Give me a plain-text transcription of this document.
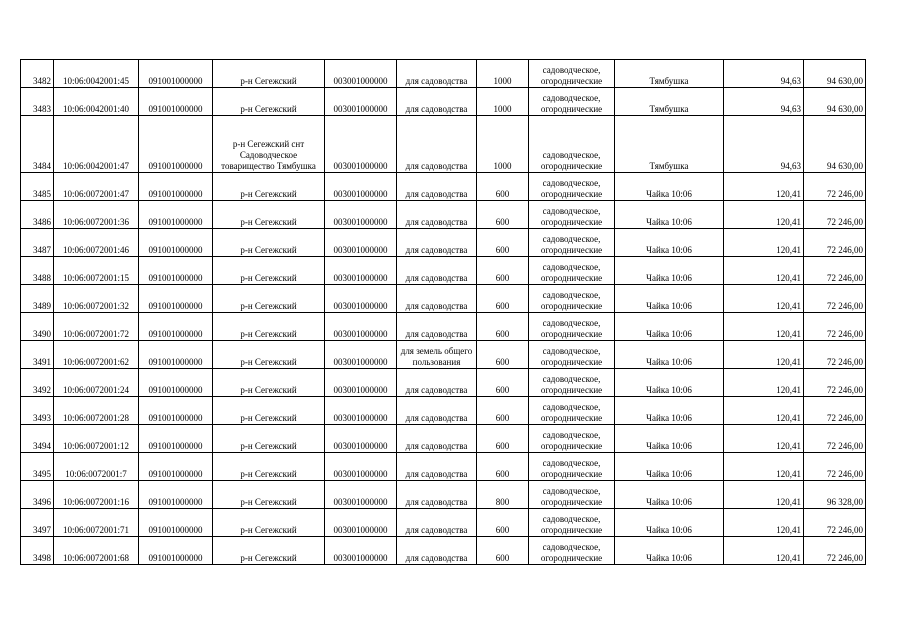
3482	10:06:0042001:45	091001000000	р-н Сегежский	003001000000	для садоводства	1000	садоводческое, огороднические	Тямбушка	94,63	94 630,00
3483	10:06:0042001:40	091001000000	р-н Сегежский	003001000000	для садоводства	1000	садоводческое, огороднические	Тямбушка	94,63	94 630,00
3484	10:06:0042001:47	091001000000	р-н Сегежский снт Садоводческое товарищество Тямбушка	003001000000	для садоводства	1000	садоводческое, огороднические	Тямбушка	94,63	94 630,00
3485	10:06:0072001:47	091001000000	р-н Сегежский	003001000000	для садоводства	600	садоводческое, огороднические	Чайка 10:06	120,41	72 246,00
3486	10:06:0072001:36	091001000000	р-н Сегежский	003001000000	для садоводства	600	садоводческое, огороднические	Чайка 10:06	120,41	72 246,00
3487	10:06:0072001:46	091001000000	р-н Сегежский	003001000000	для садоводства	600	садоводческое, огороднические	Чайка 10:06	120,41	72 246,00
3488	10:06:0072001:15	091001000000	р-н Сегежский	003001000000	для садоводства	600	садоводческое, огороднические	Чайка 10:06	120,41	72 246,00
3489	10:06:0072001:32	091001000000	р-н Сегежский	003001000000	для садоводства	600	садоводческое, огороднические	Чайка 10:06	120,41	72 246,00
3490	10:06:0072001:72	091001000000	р-н Сегежский	003001000000	для садоводства	600	садоводческое, огороднические	Чайка 10:06	120,41	72 246,00
3491	10:06:0072001:62	091001000000	р-н Сегежский	003001000000	для земель общего пользования	600	садоводческое, огороднические	Чайка 10:06	120,41	72 246,00
3492	10:06:0072001:24	091001000000	р-н Сегежский	003001000000	для садоводства	600	садоводческое, огороднические	Чайка 10:06	120,41	72 246,00
3493	10:06:0072001:28	091001000000	р-н Сегежский	003001000000	для садоводства	600	садоводческое, огороднические	Чайка 10:06	120,41	72 246,00
3494	10:06:0072001:12	091001000000	р-н Сегежский	003001000000	для садоводства	600	садоводческое, огороднические	Чайка 10:06	120,41	72 246,00
3495	10:06:0072001:7	091001000000	р-н Сегежский	003001000000	для садоводства	600	садоводческое, огороднические	Чайка 10:06	120,41	72 246,00
3496	10:06:0072001:16	091001000000	р-н Сегежский	003001000000	для садоводства	800	садоводческое, огороднические	Чайка 10:06	120,41	96 328,00
3497	10:06:0072001:71	091001000000	р-н Сегежский	003001000000	для садоводства	600	садоводческое, огороднические	Чайка 10:06	120,41	72 246,00
3498	10:06:0072001:68	091001000000	р-н Сегежский	003001000000	для садоводства	600	садоводческое, огороднические	Чайка 10:06	120,41	72 246,00
